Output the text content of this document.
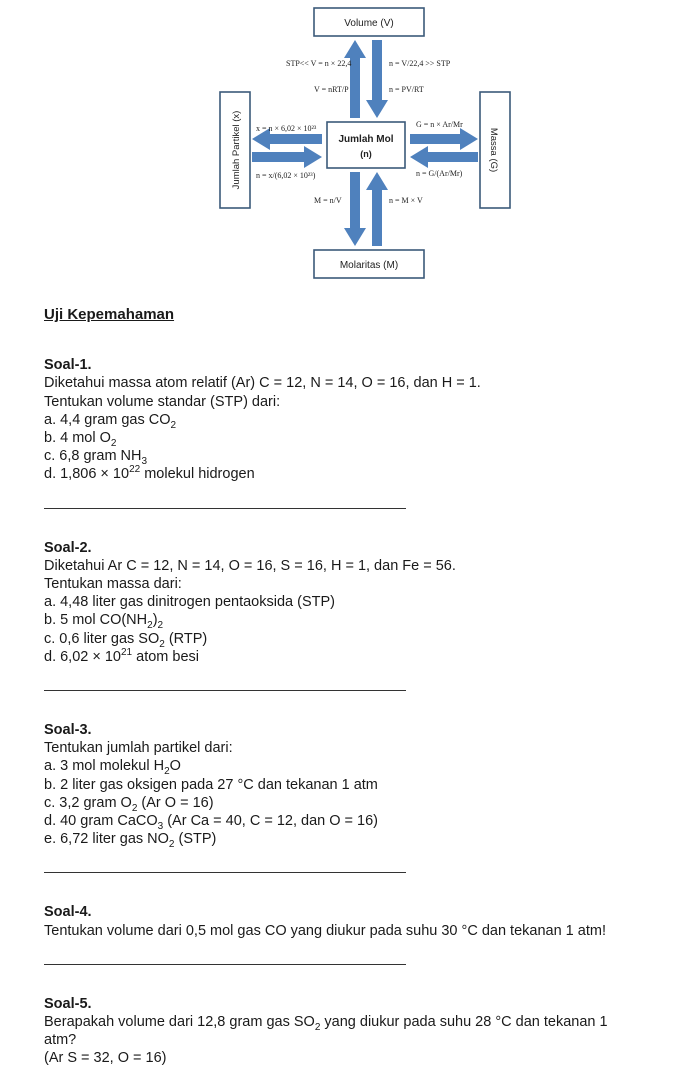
Volume (V)
Molaritas (M)
Jumlah Partikel (x)	Massa (G)
Jumlah Mol
(n)
STP<< V = n × 22,4	n = V/22,4 >> STP
V = nRT/P	n = PV/RT
x = n × 6,02 × 10²³
n = x/(6,02 × 10²³)
G = n × Ar/Mr
n = G/(Ar/Mr)
M = n/V	n = M × V
Uji Kepemahaman
Soal-1.
Diketahui massa atom relatif (Ar) C = 12, N = 14, O = 16, dan H = 1.
Tentukan volume standar (STP) dari:
a. 4,4 gram gas $CO_2$
b. 4 mol $O_2$
c. 6,8 gram $NH_3$
d. $1,806 \times 10^{22}$ molekul hidrogen
Soal-2.
Diketahui Ar C = 12, N = 14, O = 16, S = 16, H = 1, dan Fe = 56.
Tentukan massa dari:
a. 4,48 liter gas dinitrogen pentaoksida (STP)
b. 5 mol $CO(NH_2)_2$
c. 0,6 liter gas $SO_2$ (RTP)
d. $6,02 \times 10^{21}$ atom besi
Soal-3.
Tentukan jumlah partikel dari:
a. 3 mol molekul $H_2O$
b. 2 liter gas oksigen pada 27 °C dan tekanan 1 atm
c. 3,2 gram $O_2$ (Ar O = 16)
d. 40 gram CaCO$_3$ (Ar Ca = 40, C = 12, dan O = 16)
e. 6,72 liter gas $NO_2$ (STP)
Soal-4.
Tentukan volume dari 0,5 mol gas CO yang diukur pada suhu 30 °C dan tekanan 1 atm!
Soal-5.
Berapakah volume dari 12,8 gram gas $SO_2$ yang diukur pada suhu 28 °C dan tekanan 1
atm?
(Ar S = 32, O = 16)
